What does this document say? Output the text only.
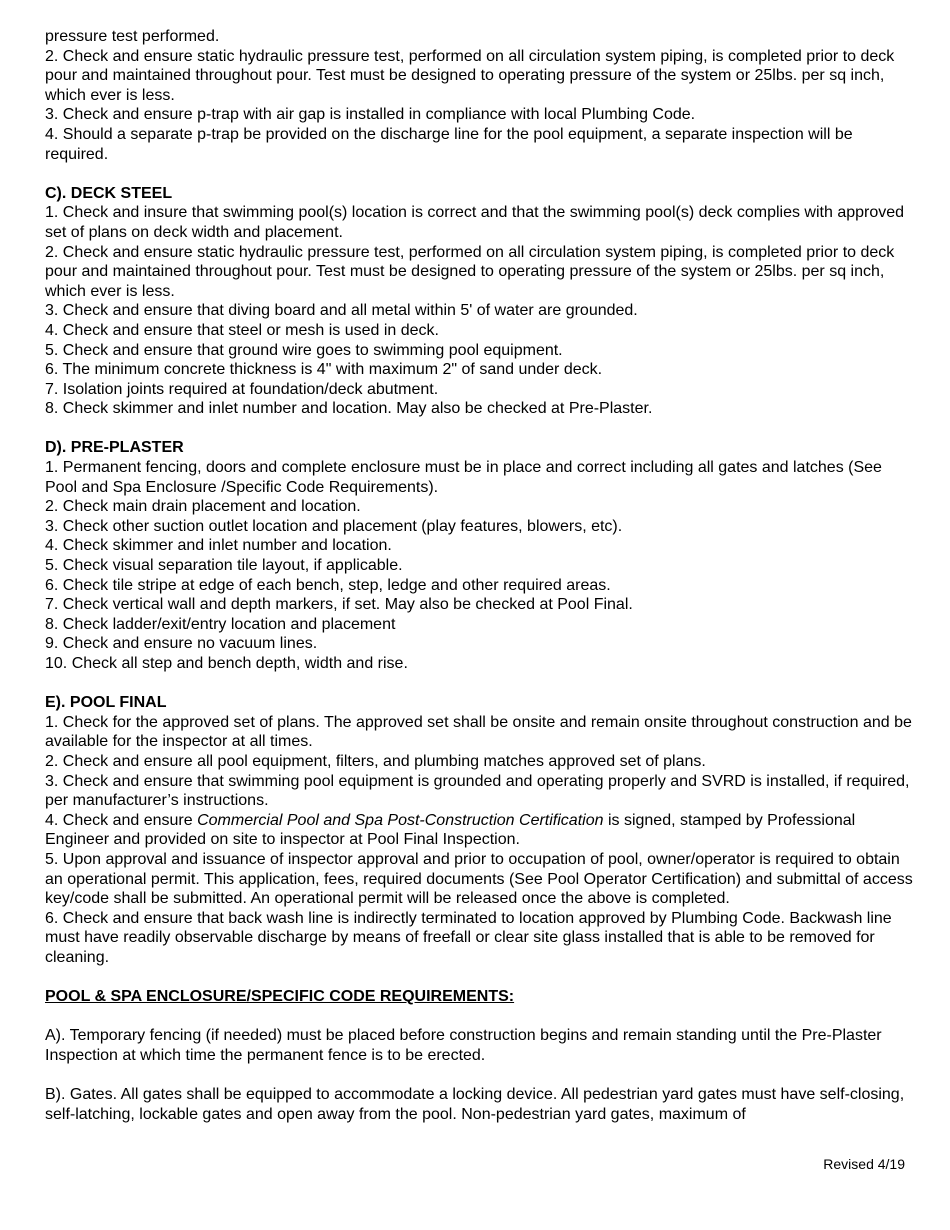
pressure test performed.

2. Check and ensure static hydraulic pressure test, performed on all circulation system piping, is completed prior to deck pour and maintained throughout pour. Test must be designed to operating pressure of the system or 25lbs. per sq inch, which ever is less.

3. Check and ensure p-trap with air gap is installed in compliance with local Plumbing Code.

4. Should a separate p-trap be provided on the discharge line for the pool equipment, a separate inspection will be required.

C). DECK STEEL

1. Check and insure that swimming pool(s) location is correct and that the swimming pool(s) deck complies with approved set of plans on deck width and placement.

2. Check and ensure static hydraulic pressure test, performed on all circulation system piping, is completed prior to deck pour and maintained throughout pour. Test must be designed to operating pressure of the system or 25lbs. per sq inch, which ever is less.

3. Check and ensure that diving board and all metal within 5' of water are grounded.

4. Check and ensure that steel or mesh is used in deck.

5. Check and ensure that ground wire goes to swimming pool equipment.

6. The minimum concrete thickness is 4" with maximum 2" of sand under deck.

7. Isolation joints required at foundation/deck abutment.

8. Check skimmer and inlet number and location. May also be checked at Pre-Plaster.

D). PRE-PLASTER

1. Permanent fencing, doors and complete enclosure must be in place and correct including all gates and latches (See Pool and Spa Enclosure /Specific Code Requirements).

2. Check main drain placement and location.

3. Check other suction outlet location and placement (play features, blowers, etc).

4. Check skimmer and inlet number and location.

5. Check visual separation tile layout, if applicable.

6. Check tile stripe at edge of each bench, step, ledge and other required areas.

7. Check vertical wall and depth markers, if set. May also be checked at Pool Final.

8. Check ladder/exit/entry location and placement

9. Check and ensure no vacuum lines.

10. Check all step and bench depth, width and rise.

E). POOL FINAL

1. Check for the approved set of plans. The approved set shall be onsite and remain onsite throughout construction and be available for the inspector at all times.

2. Check and ensure all pool equipment, filters, and plumbing matches approved set of plans.

3. Check and ensure that swimming pool equipment is grounded and operating properly and SVRD is installed, if required, per manufacturer’s instructions.

4. Check and ensure Commercial Pool and Spa Post-Construction Certification is signed, stamped by Professional Engineer and provided on site to inspector at Pool Final Inspection.

5. Upon approval and issuance of inspector approval and prior to occupation of pool, owner/operator is required to obtain an operational permit. This application, fees, required documents (See Pool Operator Certification) and submittal of access key/code shall be submitted. An operational permit will be released once the above is completed.

6. Check and ensure that back wash line is indirectly terminated to location approved by Plumbing Code. Backwash line must have readily observable discharge by means of freefall or clear site glass installed that is able to be removed for cleaning.

POOL & SPA ENCLOSURE/SPECIFIC CODE REQUIREMENTS:

A). Temporary fencing (if needed) must be placed before construction begins and remain standing until the Pre-Plaster Inspection at which time the permanent fence is to be erected.

B). Gates. All gates shall be equipped to accommodate a locking device. All pedestrian yard gates must have self-closing, self-latching, lockable gates and open away from the pool. Non-pedestrian yard gates, maximum of

Revised 4/19
